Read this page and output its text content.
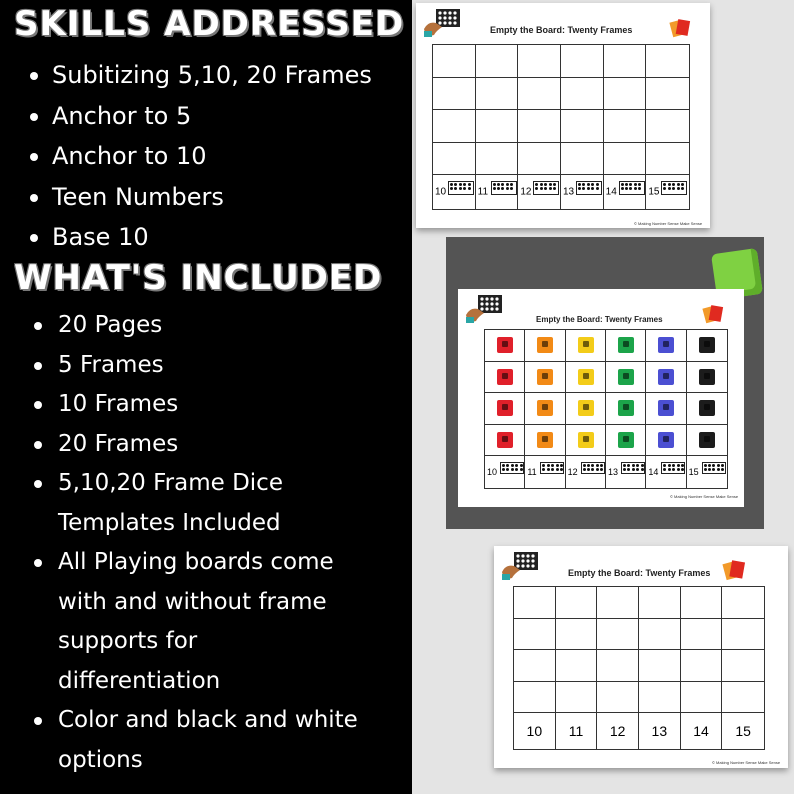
SKILLS ADDRESSED
Subitizing 5,10, 20 Frames
Anchor to 5
Anchor to 10
Teen Numbers
Base 10
WHAT'S INCLUDED
20 Pages
5 Frames
10 Frames
20 Frames
5,10,20 Frame Dice
Templates Included
All Playing boards come
with and without frame
supports for
differentiation
Color and black and white
options
Empty the Board: Twenty Frames
10	11	12	13	14	15
© Making Number Sense Make Sense
Empty the Board: Twenty Frames
10	11	12	13	14	15
© Making Number Sense Make Sense
Empty the Board: Twenty Frames
10 11 12 13 14 15
© Making Number Sense Make Sense
